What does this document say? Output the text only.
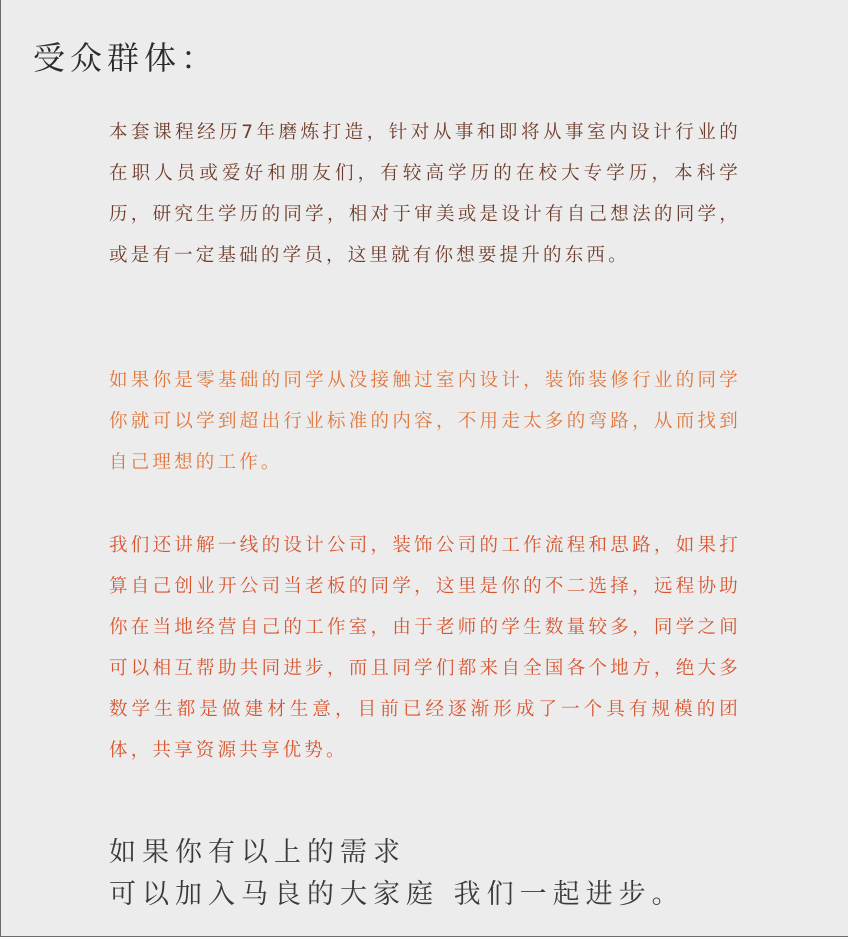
受众群体：

本套课程经历7年磨炼打造，针对从事和即将从事室内设计行业的在职人员或爱好和朋友们，有较高学历的在校大专学历，本科学历，研究生学历的同学，相对于审美或是设计有自己想法的同学，或是有一定基础的学员，这里就有你想要提升的东西。

如果你是零基础的同学从没接触过室内设计，装饰装修行业的同学你就可以学到超出行业标准的内容，不用走太多的弯路，从而找到自己理想的工作。

我们还讲解一线的设计公司，装饰公司的工作流程和思路，如果打算自己创业开公司当老板的同学，这里是你的不二选择，远程协助你在当地经营自己的工作室，由于老师的学生数量较多，同学之间可以相互帮助共同进步，而且同学们都来自全国各个地方，绝大多数学生都是做建材生意，目前已经逐渐形成了一个具有规模的团体，共享资源共享优势。

如果你有以上的需求
可以加入马良的大家庭 我们一起进步。
